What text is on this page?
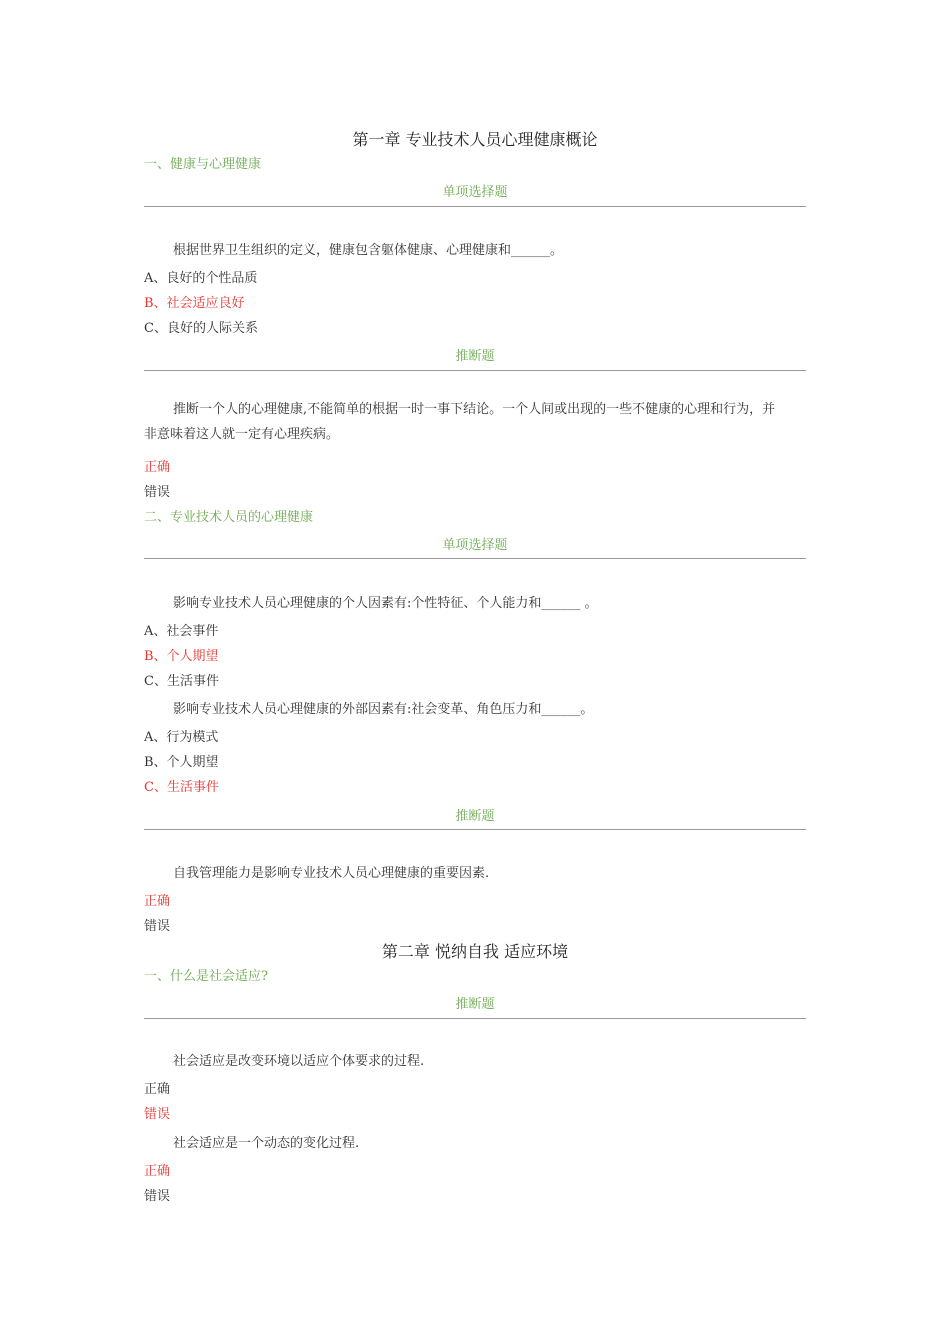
第一章 专业技术人员心理健康概论
一、健康与心理健康
单项选择题
根据世界卫生组织的定义，健康包含躯体健康、心理健康和______。
A、良好的个性品质
B、社会适应良好
C、良好的人际关系
推断题
推断一个人的心理健康,不能简单的根据一时一事下结论。一个人间或出现的一些不健康的心理和行为，并非意味着这人就一定有心理疾病。
正确
错误
二、专业技术人员的心理健康
单项选择题
影响专业技术人员心理健康的个人因素有:个性特征、个人能力和______ 。
A、社会事件
B、个人期望
C、生活事件
影响专业技术人员心理健康的外部因素有:社会变革、角色压力和______。
A、行为模式
B、个人期望
C、生活事件
推断题
自我管理能力是影响专业技术人员心理健康的重要因素.
正确
错误
第二章 悦纳自我 适应环境
一、什么是社会适应?
推断题
社会适应是改变环境以适应个体要求的过程.
正确
错误
社会适应是一个动态的变化过程.
正确
错误
